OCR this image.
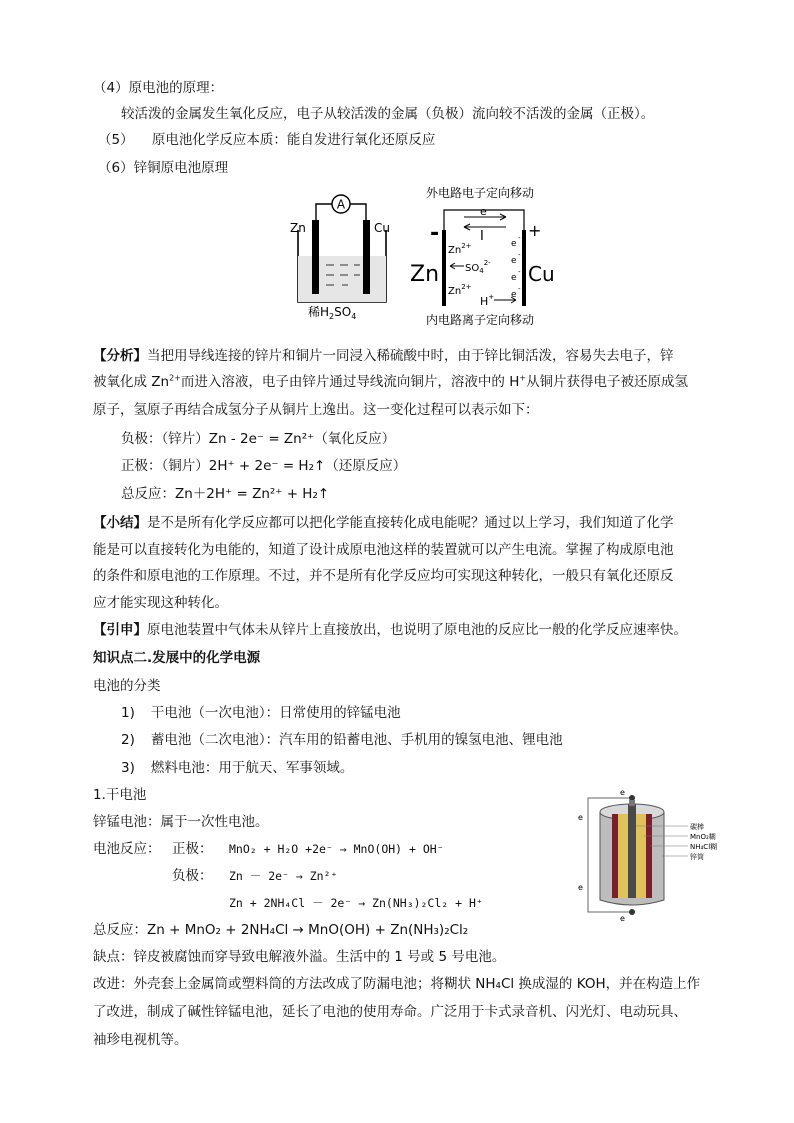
（4）原电池的原理：
较活泼的金属发生氧化反应，电子从较活泼的金属（负极）流向较不活泼的金属（正极）。
（5） 原电池化学反应本质：能自发进行氧化还原反应
（6）锌铜原电池原理
A
Zn	Cu
稀$H_2SO_4$
外电路电子定向移动
内电路离子定向移动
e
I
-	+
Zn	Cu
$Zn^{2+}$
$Zn^{2+}$
$SO_4^{2-}$
H+
e
-
e
-
e
-
e
-
【分析】当把用导线连接的锌片和铜片一同浸入稀硫酸中时，由于锌比铜活泼，容易失去电子，锌
被氧化成 $Zn^{2+}$而进入溶液，电子由锌片通过导线流向铜片，溶液中的 H+从铜片获得电子被还原成氢
原子，氢原子再结合成氢分子从铜片上逸出。这一变化过程可以表示如下：
负极：（锌片）Zn - 2e⁻ = Zn²⁺（氧化反应）
正极：（铜片）2H⁺ + 2e⁻ = H₂↑（还原反应）
总反应：Zn＋2H⁺ = Zn²⁺ + H₂↑
【小结】是不是所有化学反应都可以把化学能直接转化成电能呢？通过以上学习，我们知道了化学
能是可以直接转化为电能的，知道了设计成原电池这样的装置就可以产生电流。掌握了构成原电池
的条件和原电池的工作原理。不过，并不是所有化学反应均可实现这种转化，一般只有氧化还原反
应才能实现这种转化。
【引申】原电池装置中气体未从锌片上直接放出，也说明了原电池的反应比一般的化学反应速率快。
知识点二.发展中的化学电源
电池的分类
1) 干电池（一次电池）：日常使用的锌锰电池
2) 蓄电池（二次电池）：汽车用的铅蓄电池、手机用的镍氢电池、锂电池
3) 燃料电池：用于航天、军事领域。
1.干电池
锌锰电池：属于一次性电池。
电池反应： 正极： MnO₂ + H₂O +2e⁻ → MnO(OH) + OH⁻
负极： Zn － 2e⁻ → Zn²⁺
Zn + 2NH₄Cl － 2e⁻ → Zn(NH₃)₂Cl₂ + H⁺
总反应：Zn + MnO₂ + 2NH₄Cl → MnO(OH) + Zn(NH₃)₂Cl₂
缺点：锌皮被腐蚀而穿导致电解液外溢。生活中的 1 号或 5 号电池。
改进：外壳套上金属筒或塑料筒的方法改成了防漏电池；将糊状 NH₄Cl 换成湿的 KOH，并在构造上作
了改进，制成了碱性锌锰电池，延长了电池的使用寿命。广泛用于卡式录音机、闪光灯、电动玩具、
袖珍电视机等。
e
e
e
e
碳棒
MnO₂糊
NH₄Cl糊
锌筒
